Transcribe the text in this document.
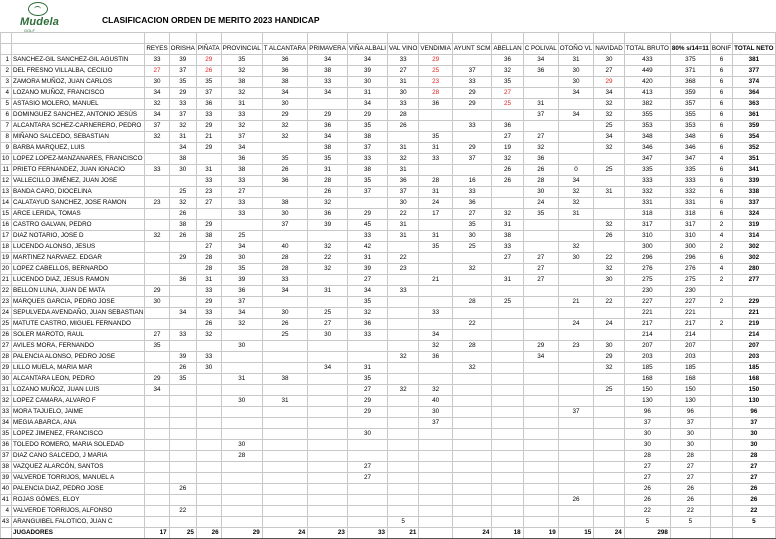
Mudela
GOLF
CLASIFICACION ORDEN DE MERITO 2023 HANDICAP

		REYES	ORISHA	PIÑATA	PROVINCIAL	T ALCANTARA	PRIMAVERA	VIÑA ALBALI	VAL VINO	VENDIMIA	AYUNT SCM	ABELLAN	C POLIVAL	OTOÑO VL	NAVIDAD	TOTAL BRUTO	80% s/14=11	BONIF	TOTAL NETO
1	SANCHEZ-GIL SANCHEZ-GIL AGUSTIN	33	39	29	35	36	34	34	33	29		36	34	31	30	433	375	6	381
2	DEL FRESNO VILLALBA, CECILIO	27	37	26	32	36	38	39	27	25	37	32	36	30	27	449	371	6	377
3	ZAMORA MUÑOZ, JUAN CARLOS	30	35	35	38	38	33	30	31	23	33	35		30	29	420	368	6	374
4	LOZANO MUÑOZ, FRANCISCO	34	29	37	32	34	34	31	30	28	29	27		34	34	413	359	6	364
5	ASTASIO MOLERO, MANUEL	32	33	36	31	30		34	33	36	29	25	31		32	382	357	6	363
6	DOMINGUEZ SANCHEZ, ANTONIO JESÚS	34	37	33	33	29	29	29	28				37	34	32	355	355	6	361
7	ALCANTARA SCHEZ-CARNERERO, PEDRO	37	32	29	32	32	36	35	26		33	36			25	353	353	6	359
8	MIÑANO SALCEDO, SEBASTIAN	32	31	21	37	32	34	38		35		27	27		34	348	348	6	354
9	BARBA MARQUEZ, LUIS		34	29	34		38	37	31	31	29	19	32		32	346	346	6	352
10	LOPEZ LOPEZ-MANZANARES, FRANCISCO		38		36	35	35	33	32	33	37	32	36			347	347	4	351
11	PRIETO FERNANDEZ, JUAN IGNACIO	33	30	31	38	26	31	38	31			26	26	0	25	335	335	6	341
12	VALLECILLO JIMÉNEZ, JUAN JOSE			33	33	36	28	35	36	28	16	26	28	34		333	333	6	339
13	BANDA CARO, DIOCELINA		25	23	27		26	37	37	31	33		30	32	31	332	332	6	338
14	CALATAYUD SANCHEZ, JOSE RAMON	23	32	27	33	38	32		30	24	36		24	32		331	331	6	337
15	ARCE LERIDA, TOMAS		26		33	30	36	29	22	17	27	32	35	31		318	318	6	324
16	CASTRO GALVAN, PEDRO		38	29		37	39	45	31		35	31			32	317	317	2	319
17	DIAZ NOTARIO, JOSE D	32	26	38	25			33	31	31	30	38			26	310	310	4	314
18	LUCENDO ALONSO, JESUS			27	34	40	32	42		35	25	33		32		300	300	2	302
19	MARTINEZ NARVAEZ. EDGAR		29	28	30	28	22	31	22			27	27	30	22	296	296	6	302
20	LOPEZ CABELLOS, BERNARDO			28	35	28	32	39	23		32		27		32	276	276	4	280
21	LUCENDO DIAZ, JESUS RAMON		36	31	39	33		27		21		31	27		30	275	275	2	277
22	BELLON LUNA, JUAN DE MATA	29		33	36	34	31	34	33							230	230		
23	MARQUES GARCIA, PEDRO JOSE	30		29	37			35			28	25		21	22	227	227	2	229
24	SEPULVEDA AVENDAÑO, JUAN SEBASTIAN		34	33	34	30	25	32		33						221	221		221
25	MATUTE CASTRO, MIGUEL FERNANDO			26	32	26	27	36			22			24	24	217	217	2	219
26	SOLER MAROTO, RAUL	27	33	32		25	30	33		34						214	214		214
27	AVILES MORA, FERNANDO	35			30					32	28		29	23	30	207	207		207
28	PALENCIA ALONSO, PEDRO JOSE		39	33					32	36			34		29	203	203		203
29	LILLO MUELA, MARIA MAR		26	30			34	31			32				32	185	185		185
30	ALCANTARA LEON, PEDRO	29	35		31	38		35								168	168		168
31	LOZANO MUÑOZ, JUAN LUIS	34						27	32	32					25	150	150		150
32	LOPEZ CAMARA, ALVARO F				30	31		29		40						130	130		130
33	MORA TAJUELO, JAIME							29		30				37		96	96		96
34	MEGIA ABARCA, ANA									37						37	37		37
35	LOPEZ JIMENEZ, FRANCISCO							30								30	30		30
36	TOLEDO ROMERO, MARIA SOLEDAD				30											30	30		30
37	DIAZ CANO SALCEDO, J MARIA				28											28	28		28
38	VAZQUEZ ALARCÓN, SANTOS							27								27	27		27
39	VALVERDE TORRIJOS, MANUEL A							27								27	27		27
40	PALENCIA DIAZ, PEDRO JOSE		26													26	26		26
41	ROJAS GÓMES, ELOY													26		26	26		26
4	VALVERDE TORRIJOS, ALFONSO		22													22	22		22
43	ARANGUIBEL FALOTICO, JUAN C								5							5	5		5
	JUGADORES	17	25	26	29	24	23	33	21		24	18	19	15	24	298			
